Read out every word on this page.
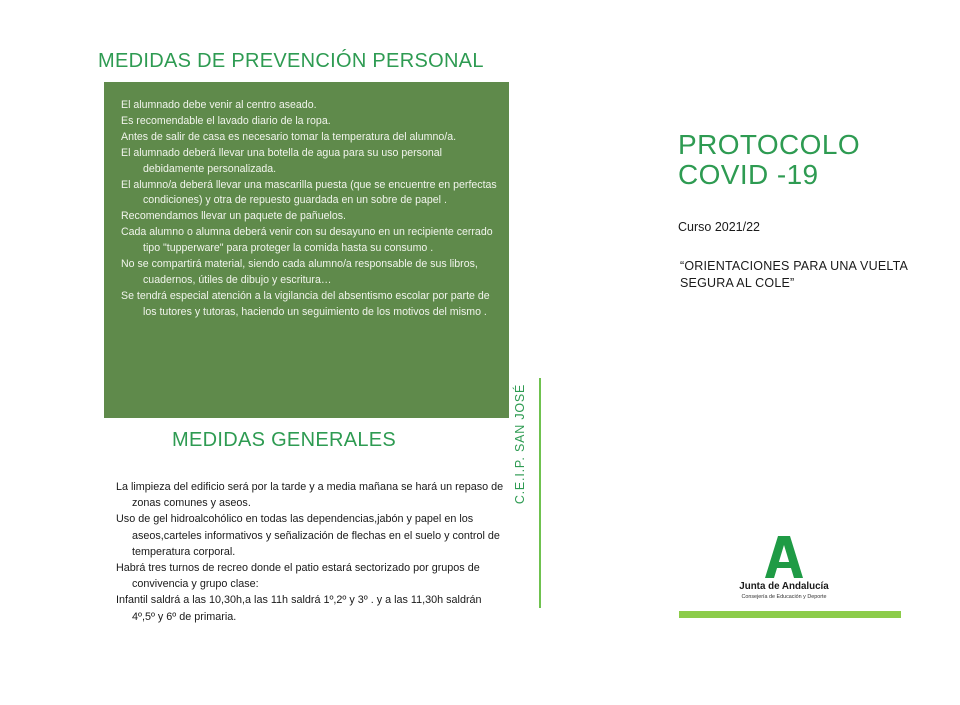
MEDIDAS DE PREVENCIÓN PERSONAL
El alumnado debe venir al centro aseado.
Es recomendable el lavado diario de la ropa.
Antes de salir de casa es necesario tomar la temperatura del alumno/a.
El alumnado deberá llevar una botella de agua para su uso personal debidamente personalizada.
El alumno/a deberá llevar una mascarilla puesta (que se encuentre en perfectas condiciones) y otra de repuesto guardada en un sobre de papel .
Recomendamos llevar un paquete de pañuelos.
Cada alumno o alumna deberá venir con su desayuno en un recipiente cerrado tipo "tupperware" para proteger la comida hasta su consumo .
No se compartirá material, siendo cada alumno/a responsable de sus libros, cuadernos, útiles de dibujo y escritura…
Se tendrá especial atención a la vigilancia del absentismo escolar por parte de los tutores y tutoras, haciendo un seguimiento de los motivos del mismo .
MEDIDAS GENERALES
La limpieza del edificio será por la tarde y a media mañana se hará un repaso de zonas comunes y aseos.
Uso de gel hidroalcohólico en todas las dependencias,jabón y papel en los aseos,carteles informativos y señalización de flechas en el suelo y control de temperatura corporal.
Habrá tres turnos de recreo donde el patio estará sectorizado por grupos de convivencia y grupo clase:
Infantil saldrá a las 10,30h,a las 11h saldrá 1º,2º y 3º . y a las 11,30h saldrán 4º,5º y 6º de primaria.
C.E.I.P. SAN JOSÉ
PROTOCOLO
COVID -19
Curso 2021/22
“ORIENTACIONES PARA UNA VUELTA SEGURA AL COLE”
Junta de Andalucía
Consejería de Educación y Deporte
